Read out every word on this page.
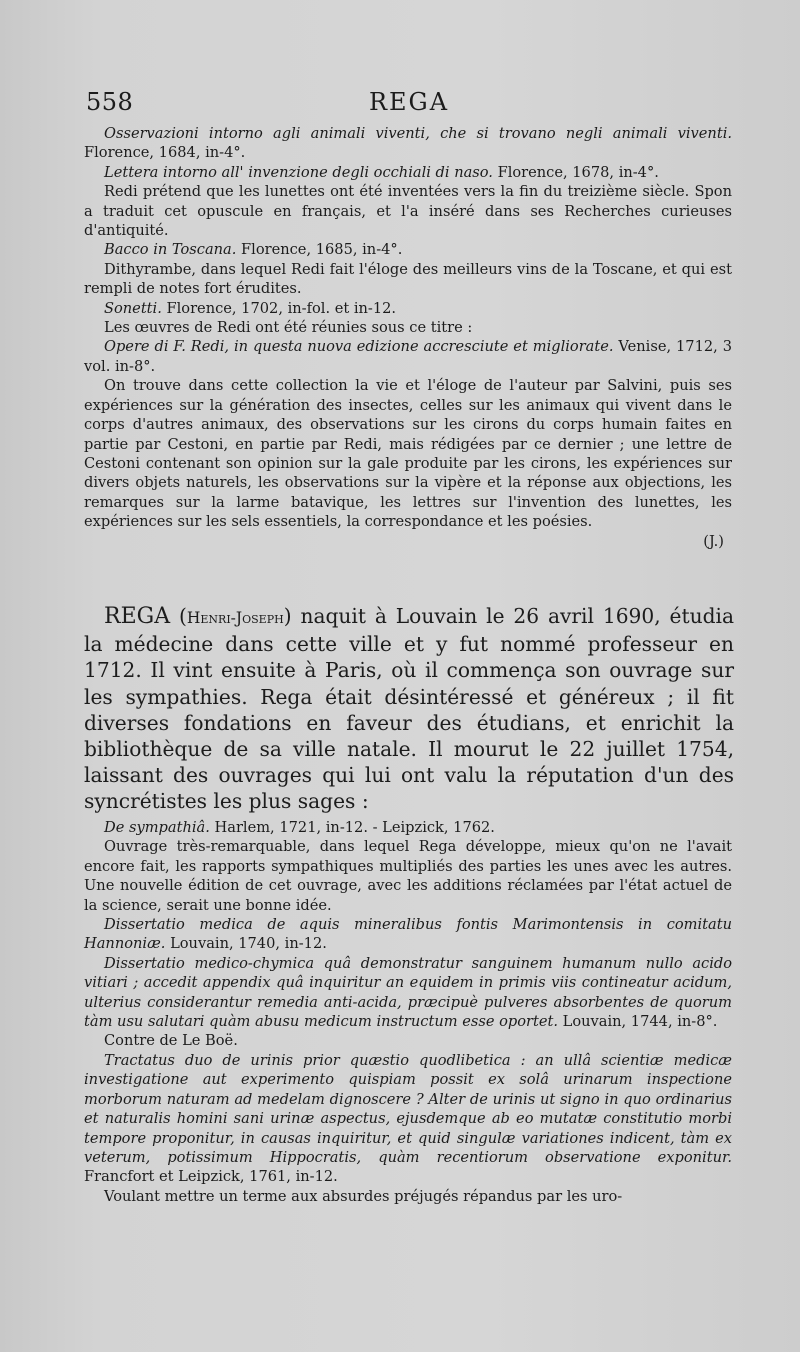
558	REGA

Osservazioni intorno agli animali viventi, che si trovano negli animali viventi. Florence, 1684, in-4°.

Lettera intorno all' invenzione degli occhiali di naso. Florence, 1678, in-4°.

Redi prétend que les lunettes ont été inventées vers la fin du treizième siècle. Spon a traduit cet opuscule en français, et l'a inséré dans ses Recherches curieuses d'antiquité.

Bacco in Toscana. Florence, 1685, in-4°.

Dithyrambe, dans lequel Redi fait l'éloge des meilleurs vins de la Toscane, et qui est rempli de notes fort érudites.

Sonetti. Florence, 1702, in-fol. et in-12.

Les œuvres de Redi ont été réunies sous ce titre :

Opere di F. Redi, in questa nuova edizione accresciute et migliorate. Venise, 1712, 3 vol. in-8°.

On trouve dans cette collection la vie et l'éloge de l'auteur par Salvini, puis ses expériences sur la génération des insectes, celles sur les animaux qui vivent dans le corps d'autres animaux, des observations sur les cirons du corps humain faites en partie par Cestoni, en partie par Redi, mais rédigées par ce dernier ; une lettre de Cestoni contenant son opinion sur la gale produite par les cirons, les expériences sur divers objets naturels, les observations sur la vipère et la réponse aux objections, les remarques sur la larme batavique, les lettres sur l'invention des lunettes, les expériences sur les sels essentiels, la correspondance et les poésies.

(J.)

REGA (Henri-Joseph) naquit à Louvain le 26 avril 1690, étudia la médecine dans cette ville et y fut nommé professeur en 1712. Il vint ensuite à Paris, où il commença son ouvrage sur les sympathies. Rega était désintéressé et généreux ; il fit diverses fondations en faveur des étudians, et enrichit la bibliothèque de sa ville natale. Il mourut le 22 juillet 1754, laissant des ouvrages qui lui ont valu la réputation d'un des syncrétistes les plus sages :

De sympathiâ. Harlem, 1721, in-12. - Leipzick, 1762.

Ouvrage très-remarquable, dans lequel Rega développe, mieux qu'on ne l'avait encore fait, les rapports sympathiques multipliés des parties les unes avec les autres. Une nouvelle édition de cet ouvrage, avec les additions réclamées par l'état actuel de la science, serait une bonne idée.

Dissertatio medica de aquis mineralibus fontis Marimontensis in comitatu Hannoniæ. Louvain, 1740, in-12.

Dissertatio medico-chymica quâ demonstratur sanguinem humanum nullo acido vitiari ; accedit appendix quâ inquiritur an equidem in primis viis contineatur acidum, ulterius considerantur remedia anti-acida, præcipuè pulveres absorbentes de quorum tàm usu salutari quàm abusu medicum instructum esse oportet. Louvain, 1744, in-8°.

Contre de Le Boë.

Tractatus duo de urinis prior quæstio quodlibetica : an ullâ scientiæ medicæ investigatione aut experimento quispiam possit ex solâ urinarum inspectione morborum naturam ad medelam dignoscere ? Alter de urinis ut signo in quo ordinarius et naturalis homini sani urinæ aspectus, ejusdemque ab eo mutatæ constitutio morbi tempore proponitur, in causas inquiritur, et quid singulæ variationes indicent, tàm ex veterum, potissimum Hippocratis, quàm recentiorum observatione exponitur. Francfort et Leipzick, 1761, in-12.

Voulant mettre un terme aux absurdes préjugés répandus par les uro-
